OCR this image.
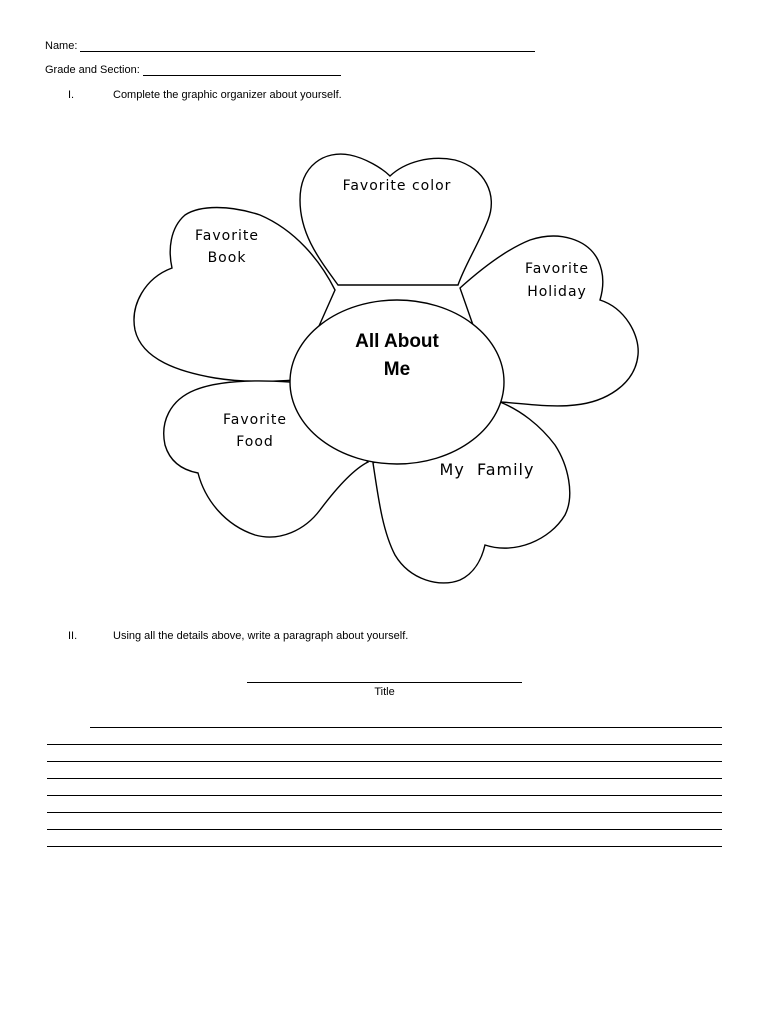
Name:
Grade and Section:
I.	Complete the graphic organizer about yourself.
Favorite color
Favorite
Book
Favorite
Holiday
Favorite
Food
My  Family
All About
Me
II.	Using all the details above, write a paragraph about yourself.
Title
